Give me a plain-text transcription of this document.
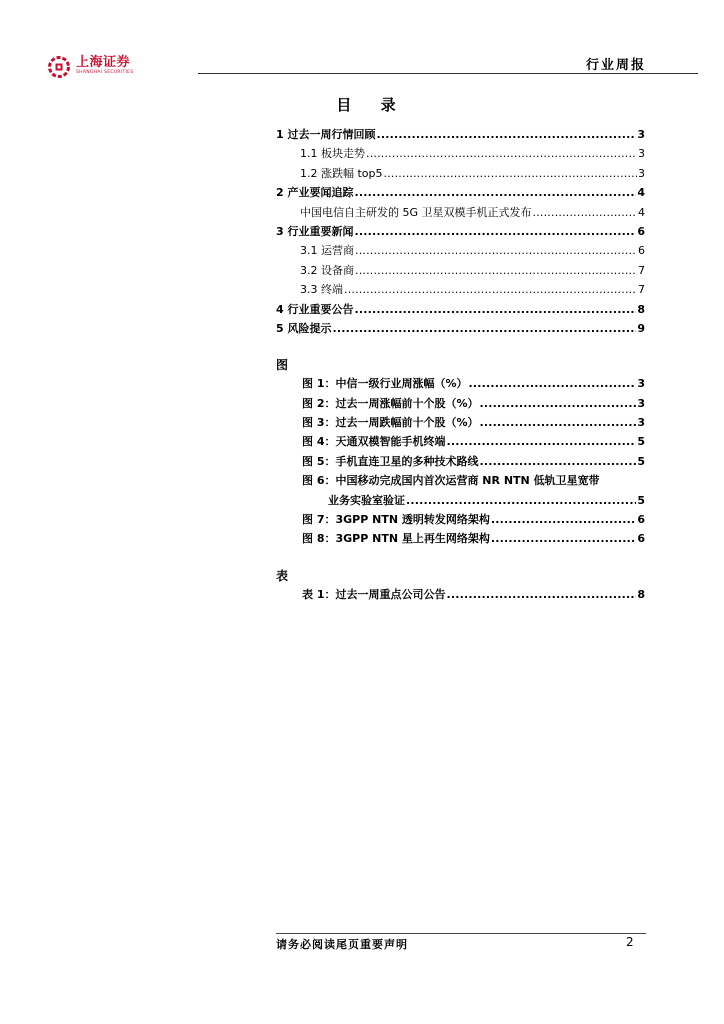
上海证券
SHANGHAI SECURITIES	行业周报
目 录
1 过去一周行情回顾 .....	3
1.1 板块走势 .....	3
1.2 涨跌幅 top5 .....	3
2 产业要闻追踪 .....	4
中国电信自主研发的 5G 卫星双模手机正式发布 .....	4
3 行业重要新闻 .....	6
3.1 运营商 .....	6
3.2 设备商 .....	7
3.3 终端 .....	7
4 行业重要公告 .....	8
5 风险提示 .....	9
图
图 1：中信一级行业周涨幅（%） .....	3
图 2：过去一周涨幅前十个股（%） .....	3
图 3：过去一周跌幅前十个股（%） .....	3
图 4：天通双模智能手机终端 .....	5
图 5：手机直连卫星的多种技术路线 .....	5
图 6：中国移动完成国内首次运营商 NR NTN 低轨卫星宽带
业务实验室验证 .....	5
图 7：3GPP NTN 透明转发网络架构 .....	6
图 8：3GPP NTN 星上再生网络架构 .....	6
表
表 1：过去一周重点公司公告 .....	8
请务必阅读尾页重要声明	2
